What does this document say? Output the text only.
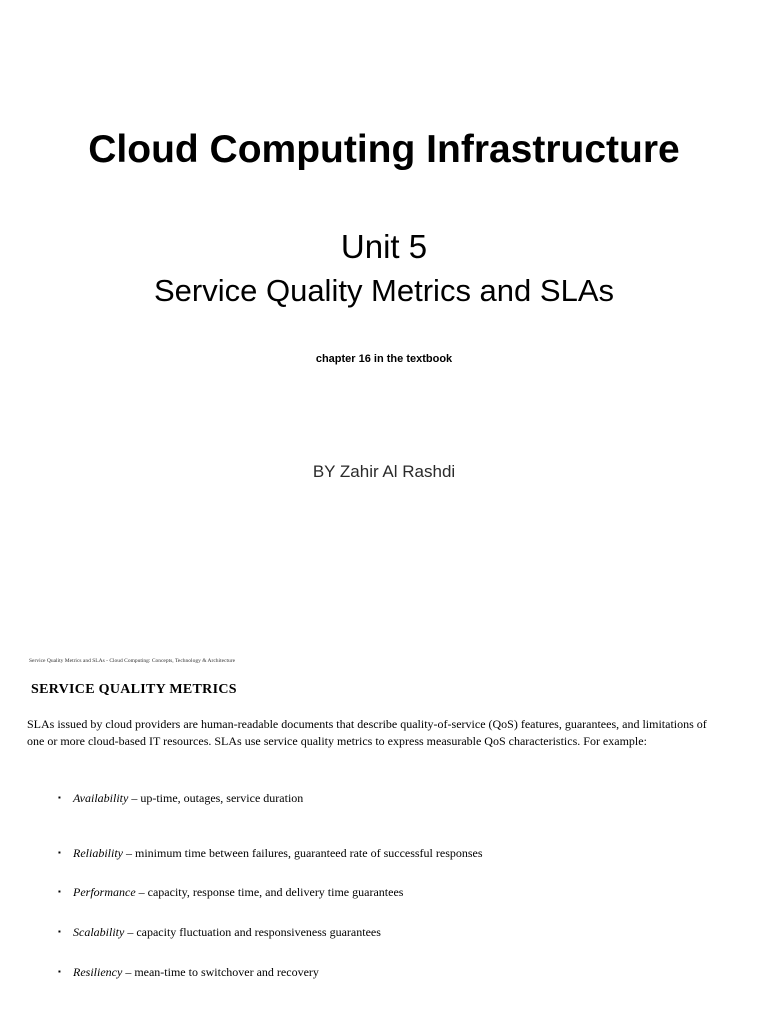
Cloud Computing Infrastructure
Unit 5
Service Quality Metrics and SLAs
chapter 16 in the textbook
BY Zahir Al Rashdi
Service Quality Metrics and SLAs - Cloud Computing: Concepts, Technology & Architecture
SERVICE QUALITY METRICS

SLAs issued by cloud providers are human-readable documents that describe quality-of-service (QoS) features, guarantees, and limitations of
one or more cloud-based IT resources. SLAs use service quality metrics to express measurable QoS characteristics. For example:

▪ Availability – up-time, outages, service duration
▪ Reliability – minimum time between failures, guaranteed rate of successful responses
▪ Performance – capacity, response time, and delivery time guarantees
▪ Scalability – capacity fluctuation and responsiveness guarantees
▪ Resiliency – mean-time to switchover and recovery
